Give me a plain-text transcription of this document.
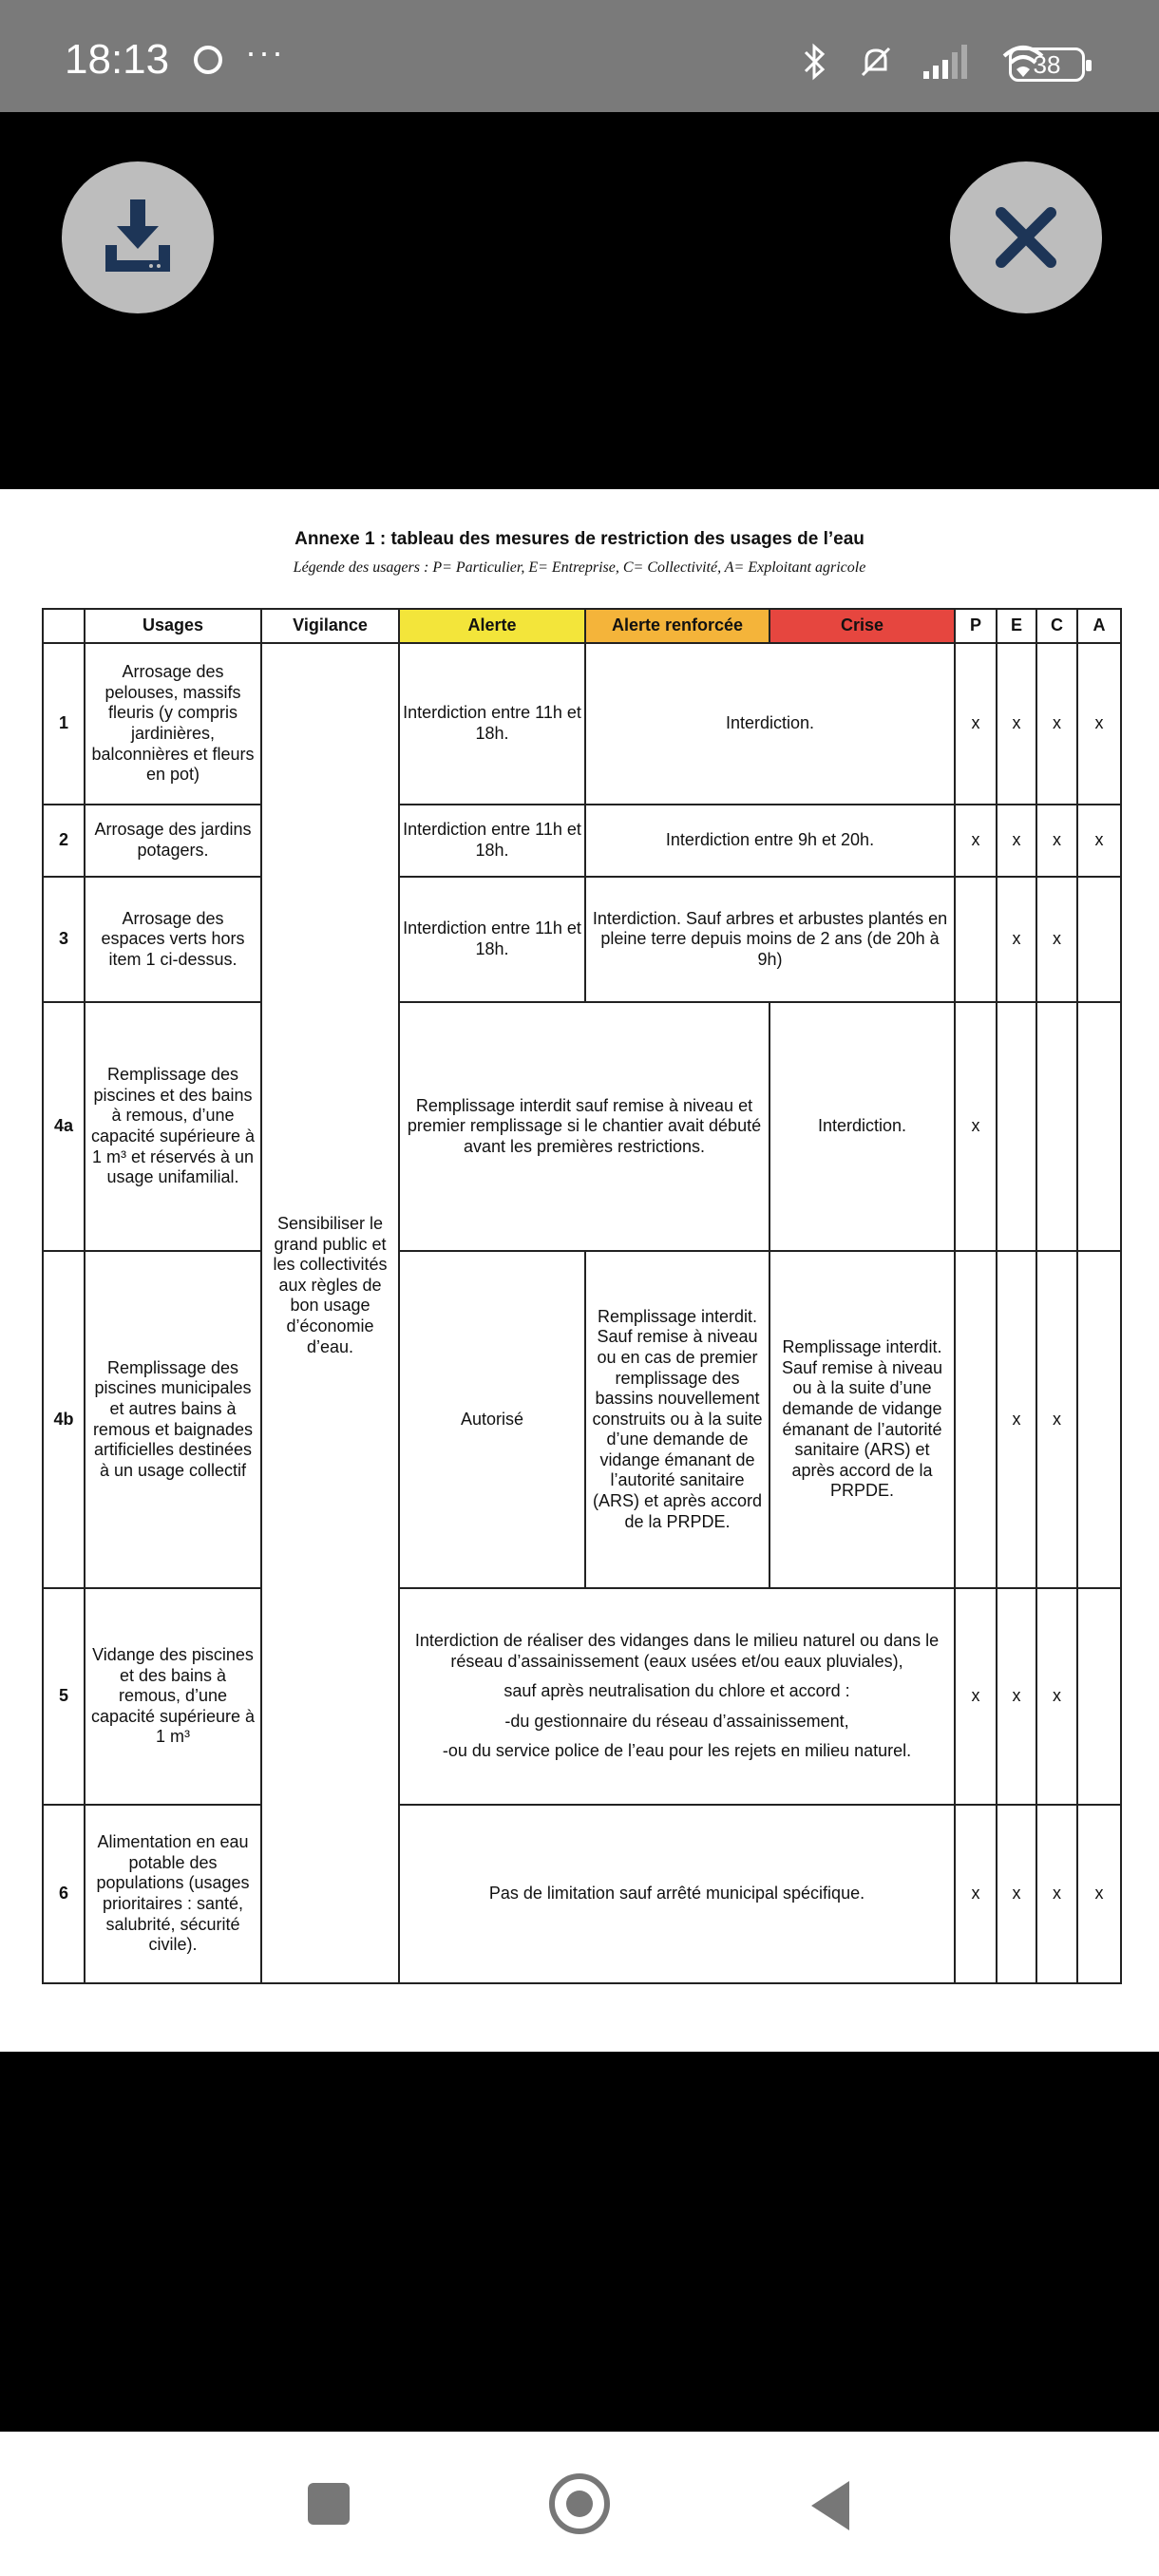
18:13 ···
	38
Annexe 1 : tableau des mesures de restriction des usages de l’eau
Légende des usagers : P= Particulier, E= Entreprise, C= Collectivité, A= Exploitant agricole
	Usages	Vigilance	Alerte	Alerte renforcée	Crise	P	E	C	A
1	Arrosage des pelouses, massifs fleuris (y compris jardinières, balconnières et fleurs en pot)	Sensibiliser le grand public et les collectivités aux règles de bon usage d’économie d’eau.	Interdiction entre 11h et 18h.	Interdiction.		x	x	x	x
2	Arrosage des jardins potagers.		Interdiction entre 11h et 18h.	Interdiction entre 9h et 20h.		x	x	x	x
3	Arrosage des espaces verts hors item 1 ci-dessus.		Interdiction entre 11h et 18h.	Interdiction. Sauf arbres et arbustes plantés en pleine terre depuis moins de 2 ans (de 20h à 9h)			x	x	
4a	Remplissage des piscines et des bains à remous, d’une capacité supérieure à 1 m³ et réservés à un usage unifamilial.		Remplissage interdit sauf remise à niveau et premier remplissage si le chantier avait débuté avant les premières restrictions.		Interdiction.	x			
4b	Remplissage des piscines municipales et autres bains à remous et baignades artificielles destinées à un usage collectif		Autorisé	Remplissage interdit. Sauf remise à niveau ou en cas de premier remplissage des bassins nouvellement construits ou à la suite d’une demande de vidange émanant de l’autorité sanitaire (ARS) et après accord de la PRPDE.	Remplissage interdit. Sauf remise à niveau ou à la suite d’une demande de vidange émanant de l’autorité sanitaire (ARS) et après accord de la PRPDE.		x	x	
5	Vidange des piscines et des bains à remous, d’une capacité supérieure à 1 m³		Interdiction de réaliser des vidanges dans le milieu naturel ou dans le réseau d’assainissement (eaux usées et/ou eaux pluviales),
sauf après neutralisation du chlore et accord :
-du gestionnaire du réseau d’assainissement,
-ou du service police de l’eau pour les rejets en milieu naturel.			x	x	x	
6	Alimentation en eau potable des populations (usages prioritaires : santé, salubrité, sécurité civile).		Pas de limitation sauf arrêté municipal spécifique.			x	x	x	x
